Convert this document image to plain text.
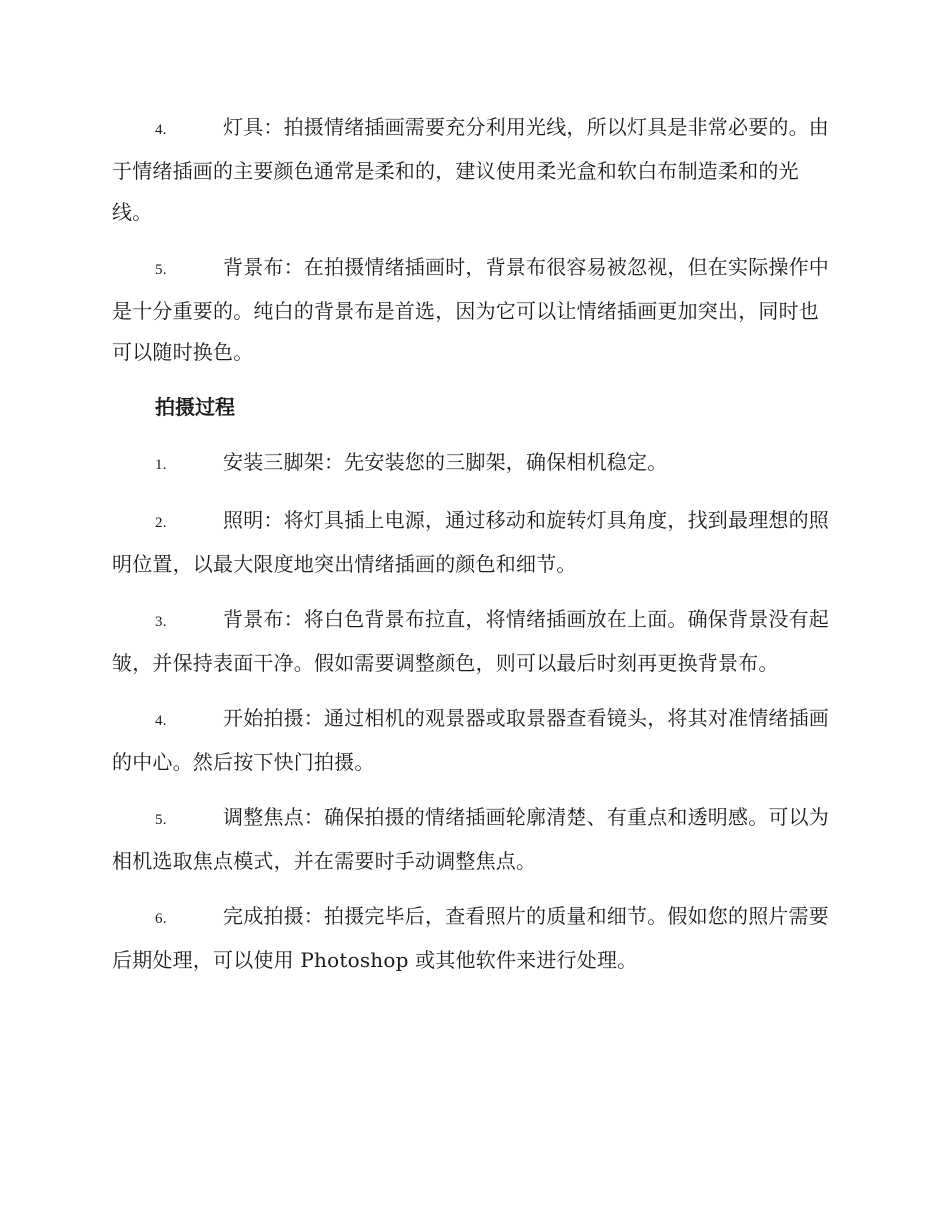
4.	灯具：拍摄情绪插画需要充分利用光线，所以灯具是非常必要的。由于情绪插画的主要颜色通常是柔和的，建议使用柔光盒和软白布制造柔和的光线。

5.	背景布：在拍摄情绪插画时，背景布很容易被忽视，但在实际操作中是十分重要的。纯白的背景布是首选，因为它可以让情绪插画更加突出，同时也可以随时换色。

拍摄过程

1.	安装三脚架：先安装您的三脚架，确保相机稳定。

2.	照明：将灯具插上电源，通过移动和旋转灯具角度，找到最理想的照明位置，以最大限度地突出情绪插画的颜色和细节。

3.	背景布：将白色背景布拉直，将情绪插画放在上面。确保背景没有起皱，并保持表面干净。假如需要调整颜色，则可以最后时刻再更换背景布。

4.	开始拍摄：通过相机的观景器或取景器查看镜头，将其对准情绪插画的中心。然后按下快门拍摄。

5.	调整焦点：确保拍摄的情绪插画轮廓清楚、有重点和透明感。可以为相机选取焦点模式，并在需要时手动调整焦点。

6.	完成拍摄：拍摄完毕后，查看照片的质量和细节。假如您的照片需要后期处理，可以使用 Photoshop 或其他软件来进行处理。
